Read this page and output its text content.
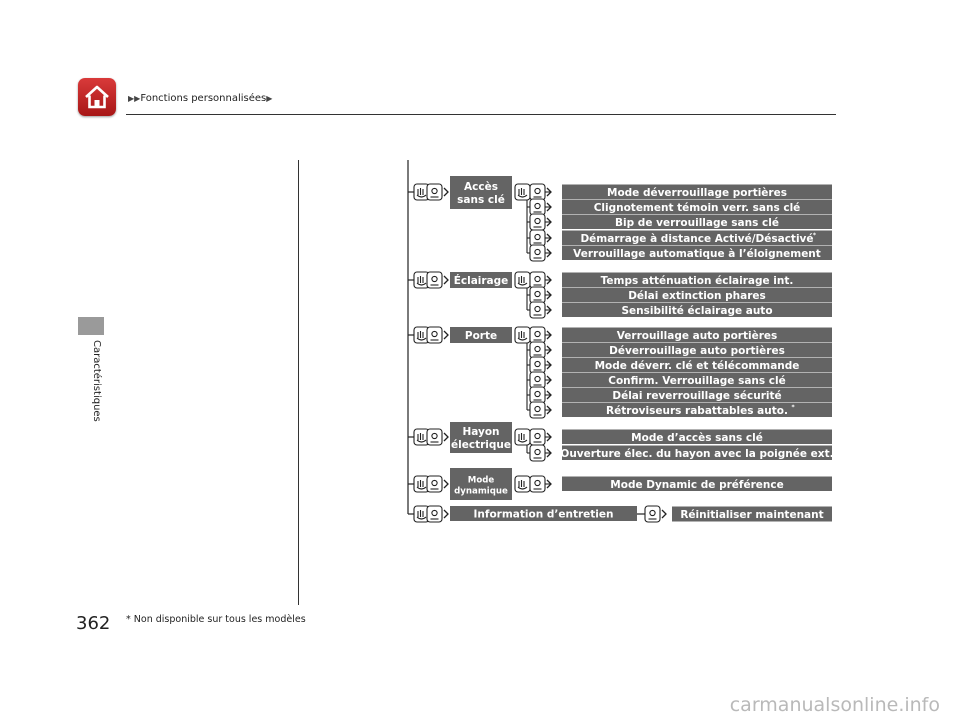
▶▶Fonctions personnalisées▶
Caractéristiques
Accès
sans clé
Mode déverrouillage portières
Clignotement témoin verr. sans clé
Bip de verrouillage sans clé
Démarrage à distance Activé/Désactivé *
Verrouillage automatique à l’éloignement
Éclairage	Temps atténuation éclairage int.
Délai extinction phares
Sensibilité éclairage auto
Porte	Verrouillage auto portières
Déverrouillage auto portières
Mode déverr. clé et télécommande
Confirm. Verrouillage sans clé
Délai reverrouillage sécurité
Rétroviseurs rabattables auto. *
Hayon
électrique
Mode d’accès sans clé
Ouverture élec. du hayon avec la poignée ext.
Mode
dynamique
Mode Dynamic de préférence
Information d’entretien	Réinitialiser maintenant
362 * Non disponible sur tous les modèles
carmanualsonline.info
